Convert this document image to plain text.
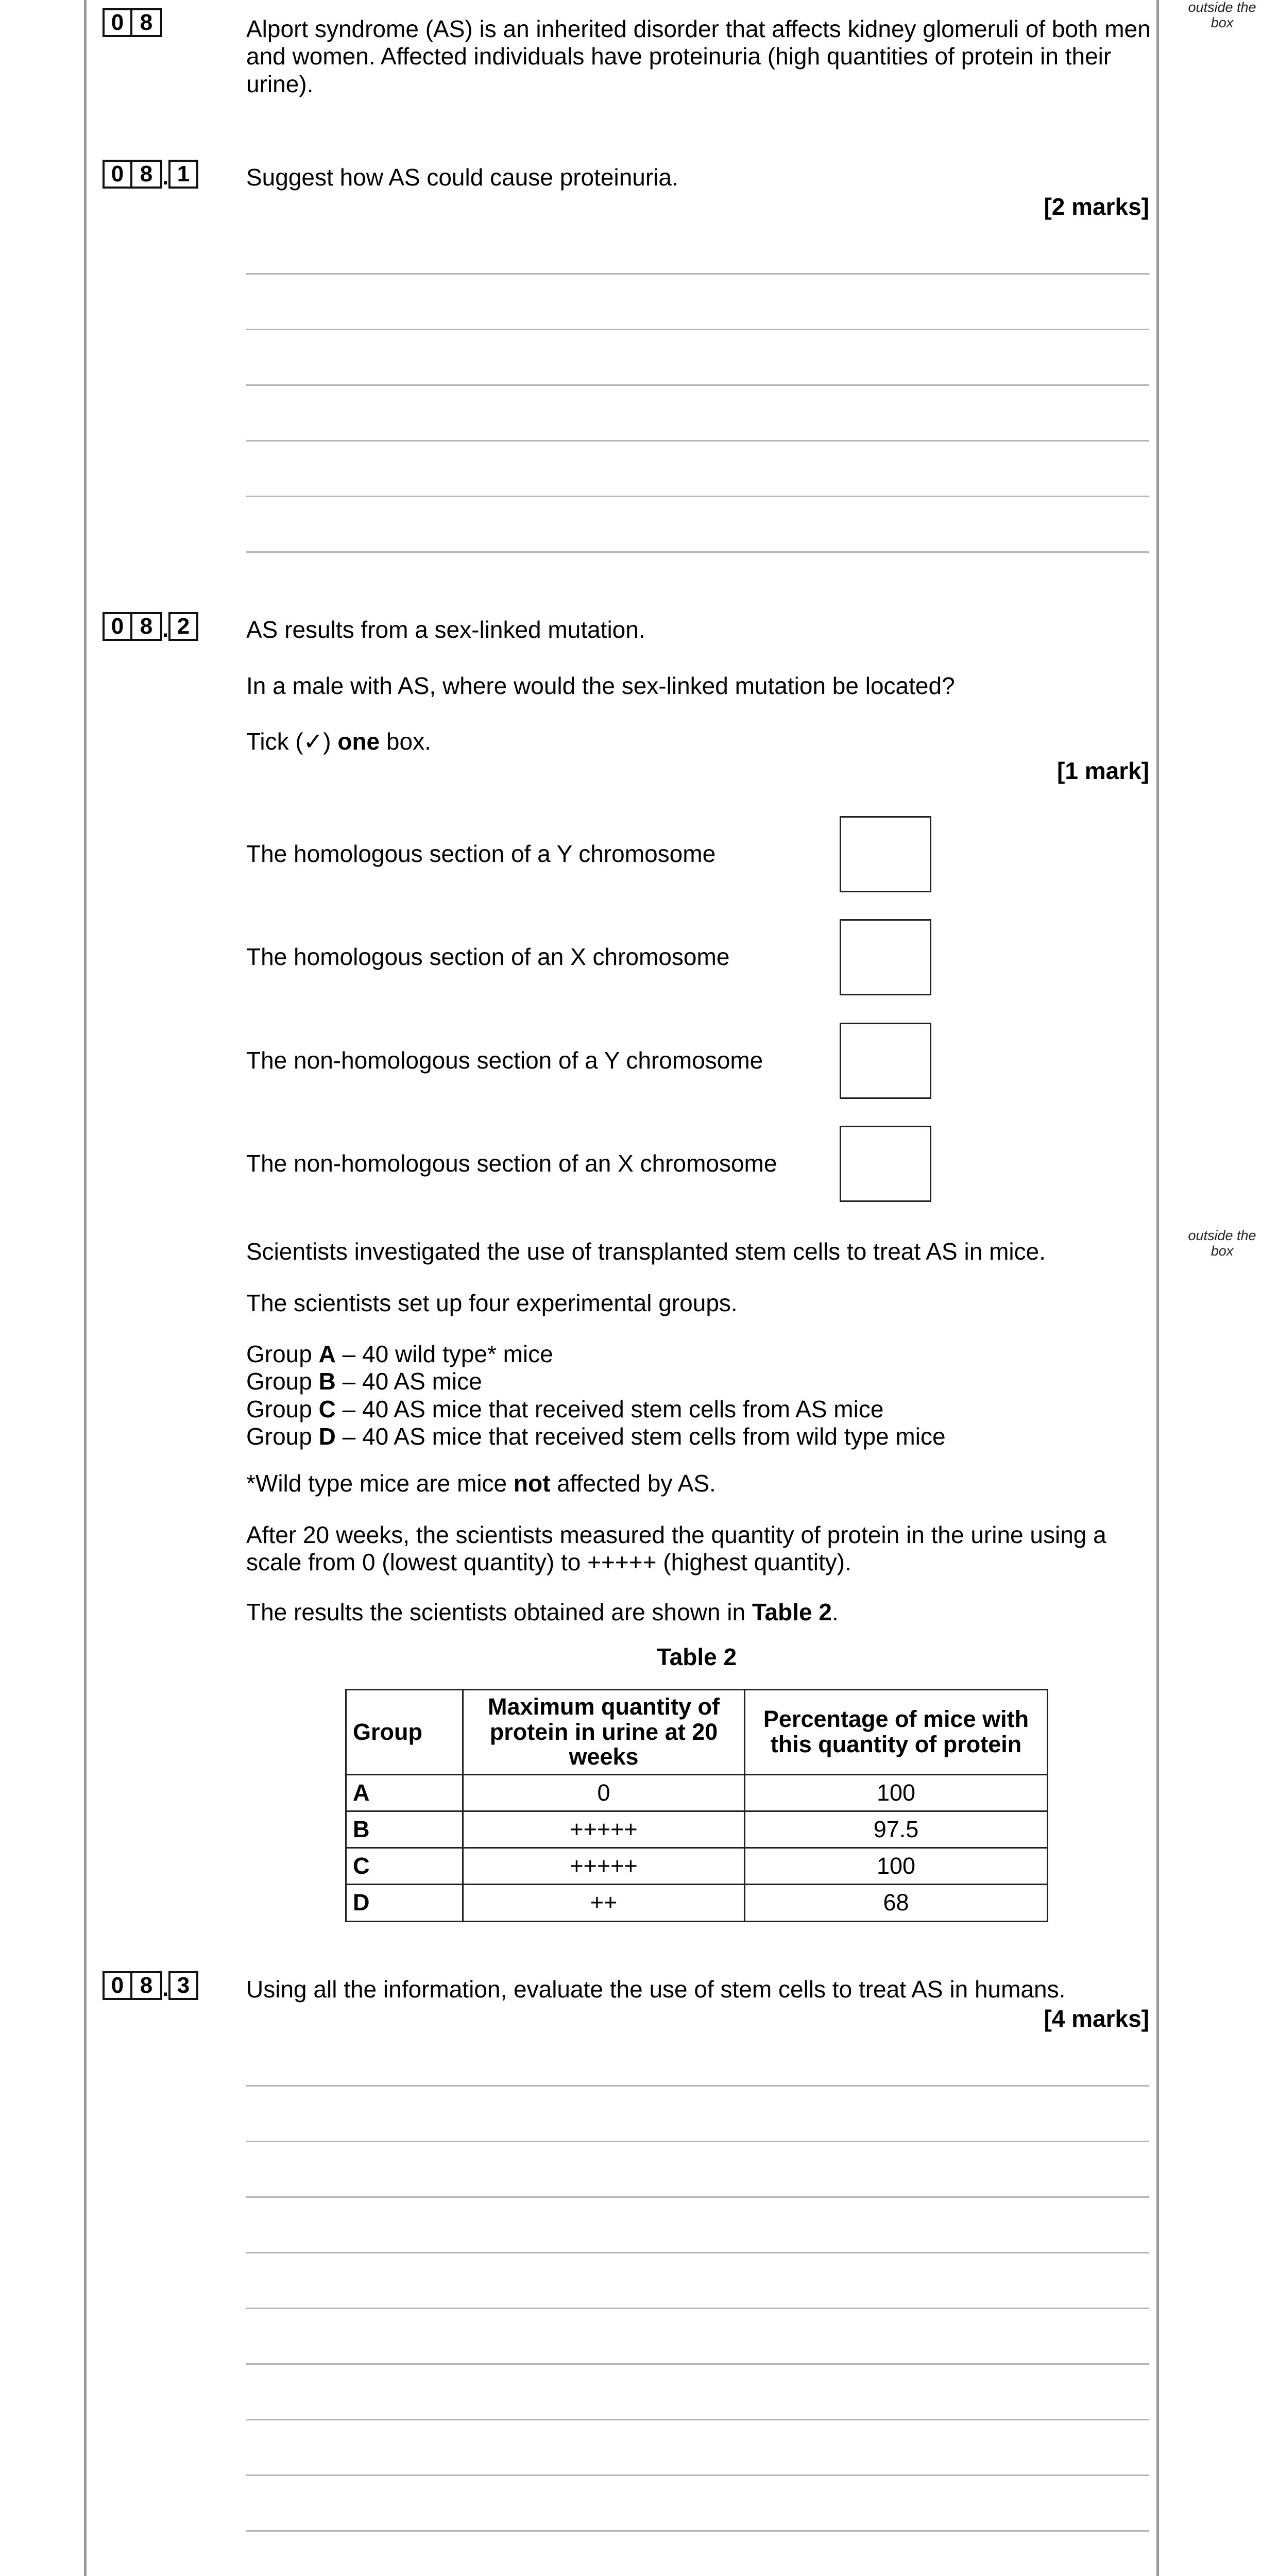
outside the box
outside the box
0 8	Alport syndrome (AS) is an inherited disorder that affects kidney glomeruli of both men and women. Affected individuals have proteinuria (high quantities of protein in their urine).
0 8 . 1	Suggest how AS could cause proteinuria.
[2 marks]
0 8 . 2	AS results from a sex-linked mutation.
In a male with AS, where would the sex-linked mutation be located?
Tick (✓) one box.
[1 mark]
The homologous section of a Y chromosome
The homologous section of an X chromosome
The non-homologous section of a Y chromosome
The non-homologous section of an X chromosome
Scientists investigated the use of transplanted stem cells to treat AS in mice.
The scientists set up four experimental groups.
Group A – 40 wild type* mice
Group B – 40 AS mice
Group C – 40 AS mice that received stem cells from AS mice
Group D – 40 AS mice that received stem cells from wild type mice
*Wild type mice are mice not affected by AS.
After 20 weeks, the scientists measured the quantity of protein in the urine using a scale from 0 (lowest quantity) to +++++ (highest quantity).
The results the scientists obtained are shown in Table 2.
Table 2
Group	Maximum quantity of protein in urine at 20 weeks	Percentage of mice with this quantity of protein
A	0	100
B	+++++	97.5
C	+++++	100
D	++	68
0 8 . 3	Using all the information, evaluate the use of stem cells to treat AS in humans.
[4 marks]
